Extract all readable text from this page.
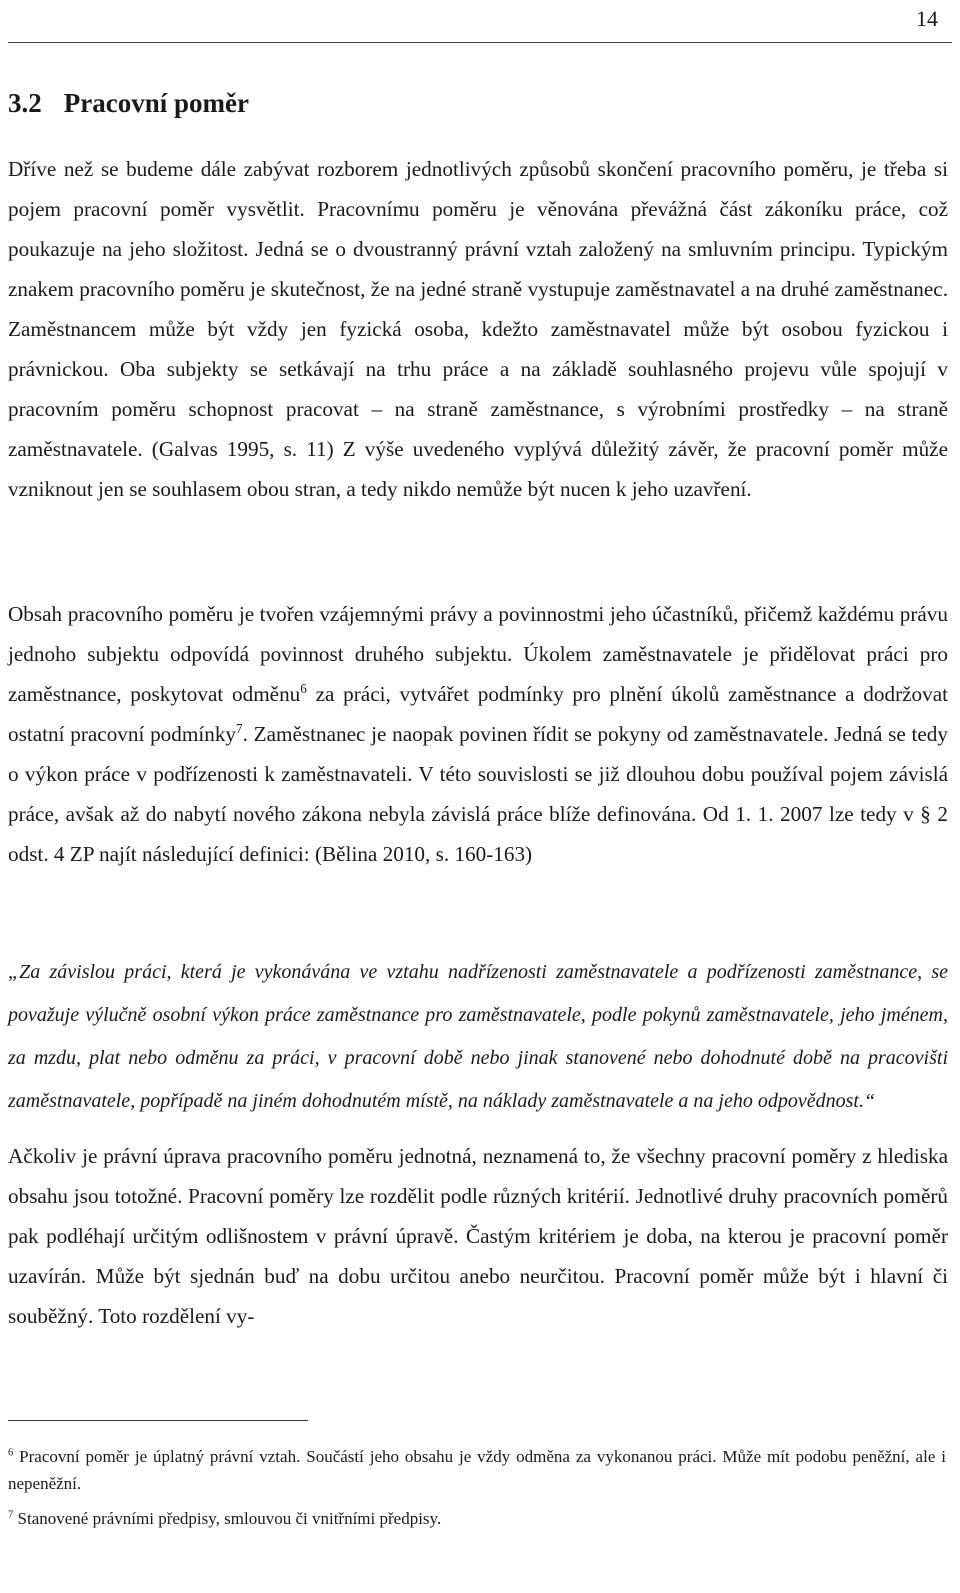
14
3.2 Pracovní poměr

Dříve než se budeme dále zabývat rozborem jednotlivých způsobů skončení pracovního poměru, je třeba si pojem pracovní poměr vysvětlit. Pracovnímu poměru je věnována převážná část zákoníku práce, což poukazuje na jeho složitost. Jedná se o dvoustranný právní vztah založený na smluvním principu. Typickým znakem pracovního poměru je skutečnost, že na jedné straně vystupuje zaměstnavatel a na druhé zaměstnanec. Zaměstnancem může být vždy jen fyzická osoba, kdežto zaměstnavatel může být osobou fyzickou i právnickou. Oba subjekty se setkávají na trhu práce a na základě souhlasného projevu vůle spojují v pracovním poměru schopnost pracovat – na straně zaměstnance, s výrobními prostředky – na straně zaměstnavatele. (Galvas 1995, s. 11) Z výše uvedeného vyplývá důležitý závěr, že pracovní poměr může vzniknout jen se souhlasem obou stran, a tedy nikdo nemůže být nucen k jeho uzavření.

Obsah pracovního poměru je tvořen vzájemnými právy a povinnostmi jeho účastníků, přičemž každému právu jednoho subjektu odpovídá povinnost druhého subjektu. Úkolem zaměstnavatele je přidělovat práci pro zaměstnance, poskytovat odměnu$^6$ za práci, vytvářet podmínky pro plnění úkolů zaměstnance a dodržovat ostatní pracovní podmínky$^7$. Zaměstnanec je naopak povinen řídit se pokyny od zaměstnavatele. Jedná se tedy o výkon práce v podřízenosti k zaměstnavateli. V této souvislosti se již dlouhou dobu používal pojem závislá práce, avšak až do nabytí nového zákona nebyla závislá práce blíže definována. Od 1. 1. 2007 lze tedy v § 2 odst. 4 ZP najít následující definici: (Bělina 2010, s. 160-163)

„Za závislou práci, která je vykonávána ve vztahu nadřízenosti zaměstnavatele a podřízenosti zaměstnance, se považuje výlučně osobní výkon práce zaměstnance pro zaměstnavatele, podle pokynů zaměstnavatele, jeho jménem, za mzdu, plat nebo odměnu za práci, v pracovní době nebo jinak stanovené nebo dohodnuté době na pracovišti zaměstnavatele, popřípadě na jiném dohodnutém místě, na náklady zaměstnavatele a na jeho odpovědnost.“

Ačkoliv je právní úprava pracovního poměru jednotná, neznamená to, že všechny pracovní poměry z hlediska obsahu jsou totožné. Pracovní poměry lze rozdělit podle různých kritérií. Jednotlivé druhy pracovních poměrů pak podléhají určitým odlišnostem v právní úpravě. Častým kritériem je doba, na kterou je pracovní poměr uzavírán. Může být sjednán buď na dobu určitou anebo neurčitou. Pracovní poměr může být i hlavní či souběžný. Toto rozdělení vy-

$^6$ Pracovní poměr je úplatný právní vztah. Součástí jeho obsahu je vždy odměna za vykonanou práci. Může mít podobu peněžní, ale i nepeněžní.

$^7$ Stanovené právními předpisy, smlouvou či vnitřními předpisy.
